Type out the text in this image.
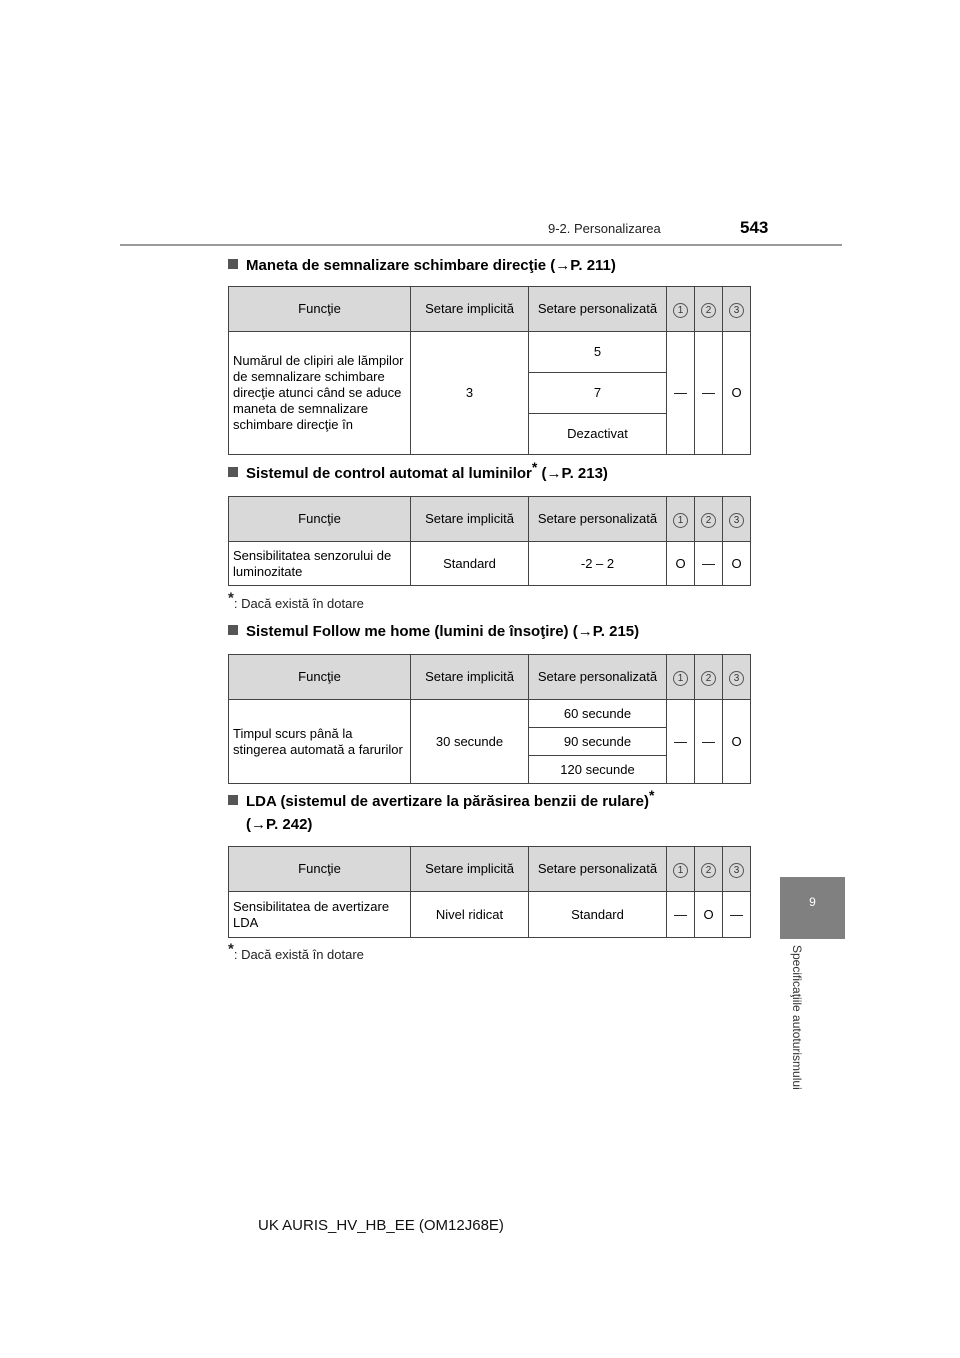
9-2. Personalizarea	543
9
Specificaţiile autoturismului
Maneta de semnalizare schimbare direcţie (→P. 211)
Funcţie	Setare implicită	Setare personalizată	1	2	3
Numărul de clipiri ale lămpilor de semnalizare schimbare direcţie atunci când se aduce maneta de semnalizare schimbare direcţie în	3	5	—	—	O
		7			
		Dezactivat			
Sistemul de control automat al luminilor* (→P. 213)
Funcţie	Setare implicită	Setare personalizată	1	2	3
Sensibilitatea senzorului de luminozitate	Standard	-2 – 2	O	—	O
*: Dacă există în dotare
Sistemul Follow me home (lumini de însoţire) (→P. 215)
Funcţie	Setare implicită	Setare personalizată	1	2	3
Timpul scurs până la stingerea automată a farurilor	30 secunde	60 secunde	—	—	O
		90 secunde			
		120 secunde			
LDA (sistemul de avertizare la părăsirea benzii de rulare)*
(→P. 242)
Funcţie	Setare implicită	Setare personalizată	1	2	3
Sensibilitatea de avertizare LDA	Nivel ridicat	Standard	—	O	—
*: Dacă există în dotare
UK AURIS_HV_HB_EE (OM12J68E)
